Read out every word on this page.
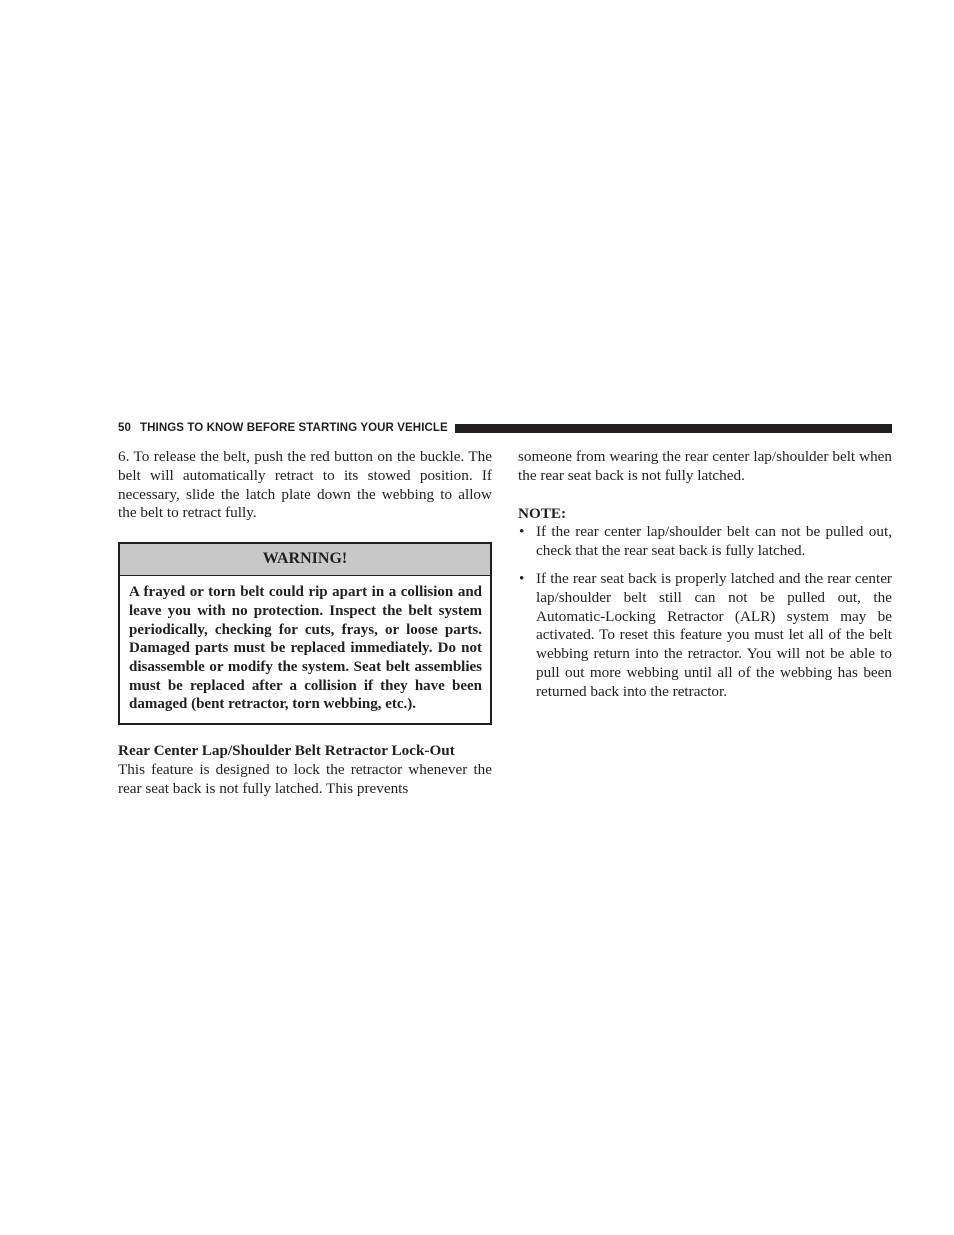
50 THINGS TO KNOW BEFORE STARTING YOUR VEHICLE

6. To release the belt, push the red button on the buckle. The belt will automatically retract to its stowed position. If necessary, slide the latch plate down the webbing to allow the belt to retract fully.

WARNING!
A frayed or torn belt could rip apart in a collision and leave you with no protection. Inspect the belt system periodically, checking for cuts, frays, or loose parts. Damaged parts must be replaced immediately. Do not disassemble or modify the system. Seat belt assemblies must be replaced after a collision if they have been damaged (bent retractor, torn webbing, etc.).

Rear Center Lap/Shoulder Belt Retractor Lock-Out

This feature is designed to lock the retractor whenever the rear seat back is not fully latched. This prevents

someone from wearing the rear center lap/shoulder belt when the rear seat back is not fully latched.

NOTE:

• If the rear center lap/shoulder belt can not be pulled out, check that the rear seat back is fully latched.
• If the rear seat back is properly latched and the rear center lap/shoulder belt still can not be pulled out, the Automatic-Locking Retractor (ALR) system may be activated. To reset this feature you must let all of the belt webbing return into the retractor. You will not be able to pull out more webbing until all of the webbing has been returned back into the retractor.
